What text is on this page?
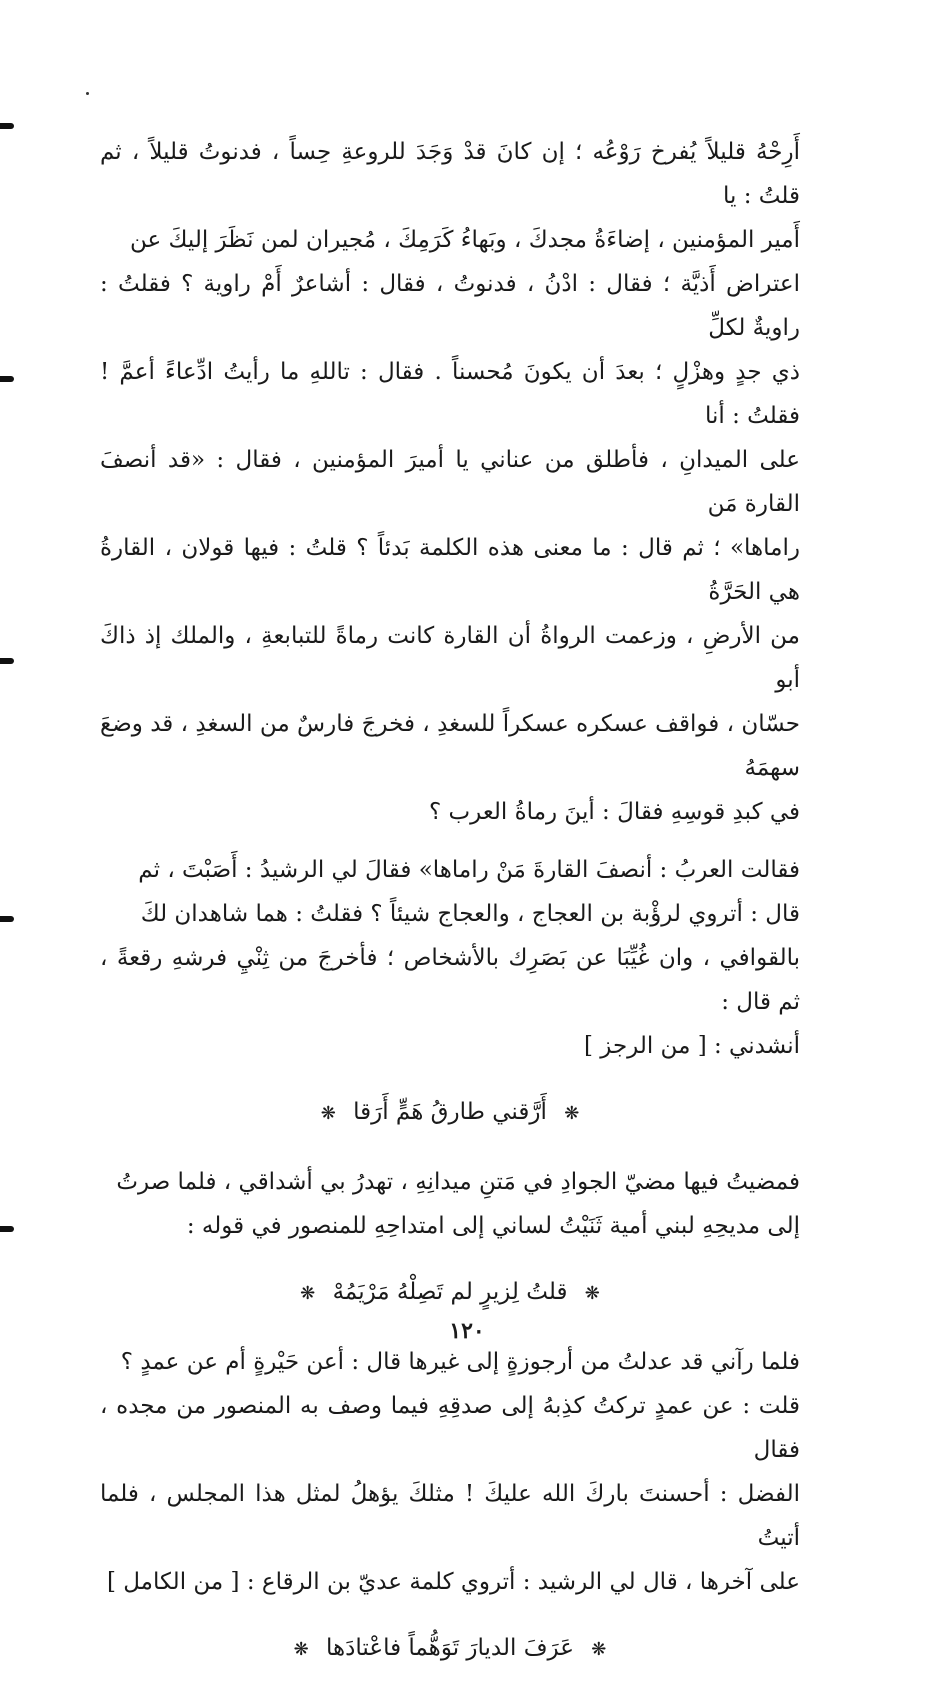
أَرِحْهُ قليلاً يُفرخ رَوْعُه ؛ إن كانَ قدْ وَجَدَ للروعةِ حِساً ، فدنوتُ قليلاً ، ثم قلتُ : يا

أَمير المؤمنين ، إضاءَةُ مجدكَ ، وبَهاءُ كَرَمِكَ ، مُجيران لمن نَظَرَ إليكَ عن

اعتراض أَذيَّة ؛ فقال : ادْنُ ، فدنوتُ ، فقال : أشاعرٌ أَمْ راوية ؟ فقلتُ : راويةٌ لكلِّ

ذي جدٍ وهزْلٍ ؛ بعدَ أن يكونَ مُحسناً . فقال : تاللهِ ما رأيتُ ادِّعاءً أعمَّ ! فقلتُ : أنا

على الميدانِ ، فأطلق من عناني يا أميرَ المؤمنين ، فقال : «قد أنصفَ القارة مَن

راماها» ؛ ثم قال : ما معنى هذه الكلمة بَدئاً ؟ قلتُ : فيها قولان ، القارةُ هي الحَرَّةُ

من الأرضِ ، وزعمت الرواةُ أن القارة كانت رماةً للتبابعةِ ، والملك إذ ذاكَ أبو

حسّان ، فواقف عسكره عسكراً للسغدِ ، فخرجَ فارسٌ من السغدِ ، قد وضعَ سهمَهُ

في كبدِ قوسِهِ فقالَ : أينَ رماةُ العرب ؟

فقالت العربُ : أنصفَ القارةَ مَنْ راماها» فقالَ لي الرشيدُ : أَصَبْتَ ، ثم

قال : أتروي لرؤْبة بن العجاج ، والعجاج شيئاً ؟ فقلتُ : هما شاهدان لكَ

بالقوافي ، وان غُيِّبَا عن بَصَرِك بالأشخاص ؛ فأخرجَ من ثِنْيِ فرشهِ رقعةً ، ثم قال :

أنشدني : [ من الرجز ]

❋ أَرَّقني طارقُ هَمٍّ أَرَقا ❋

فمضيتُ فيها مضيّ الجوادِ في مَتنِ ميدانِهِ ، تهدرُ بي أشداقي ، فلما صرتُ

إلى مديحِهِ لبني أمية ثَنَيْتُ لساني إلى امتداحِهِ للمنصور في قوله :

❋ قلتُ لِزيرٍ لم تَصِلْهُ مَرْيَمُهْ ❋

فلما رآني قد عدلتُ من أرجوزةٍ إلى غيرها قال : أعن حَيْرةٍ أم عن عمدٍ ؟

قلت : عن عمدٍ تركتُ كذِبهُ إلى صدقِهِ فيما وصف به المنصور من مجده ، فقال

الفضل : أحسنتَ باركَ الله عليكَ ! مثلكَ يؤهلُ لمثل هذا المجلس ، فلما أتيتُ

على آخرها ، قال لي الرشيد : أتروي كلمة عديّ بن الرقاع : [ من الكامل ]

❋ عَرَفَ الديارَ تَوَهُّماً فاعْتادَها ❋
١٢٠
